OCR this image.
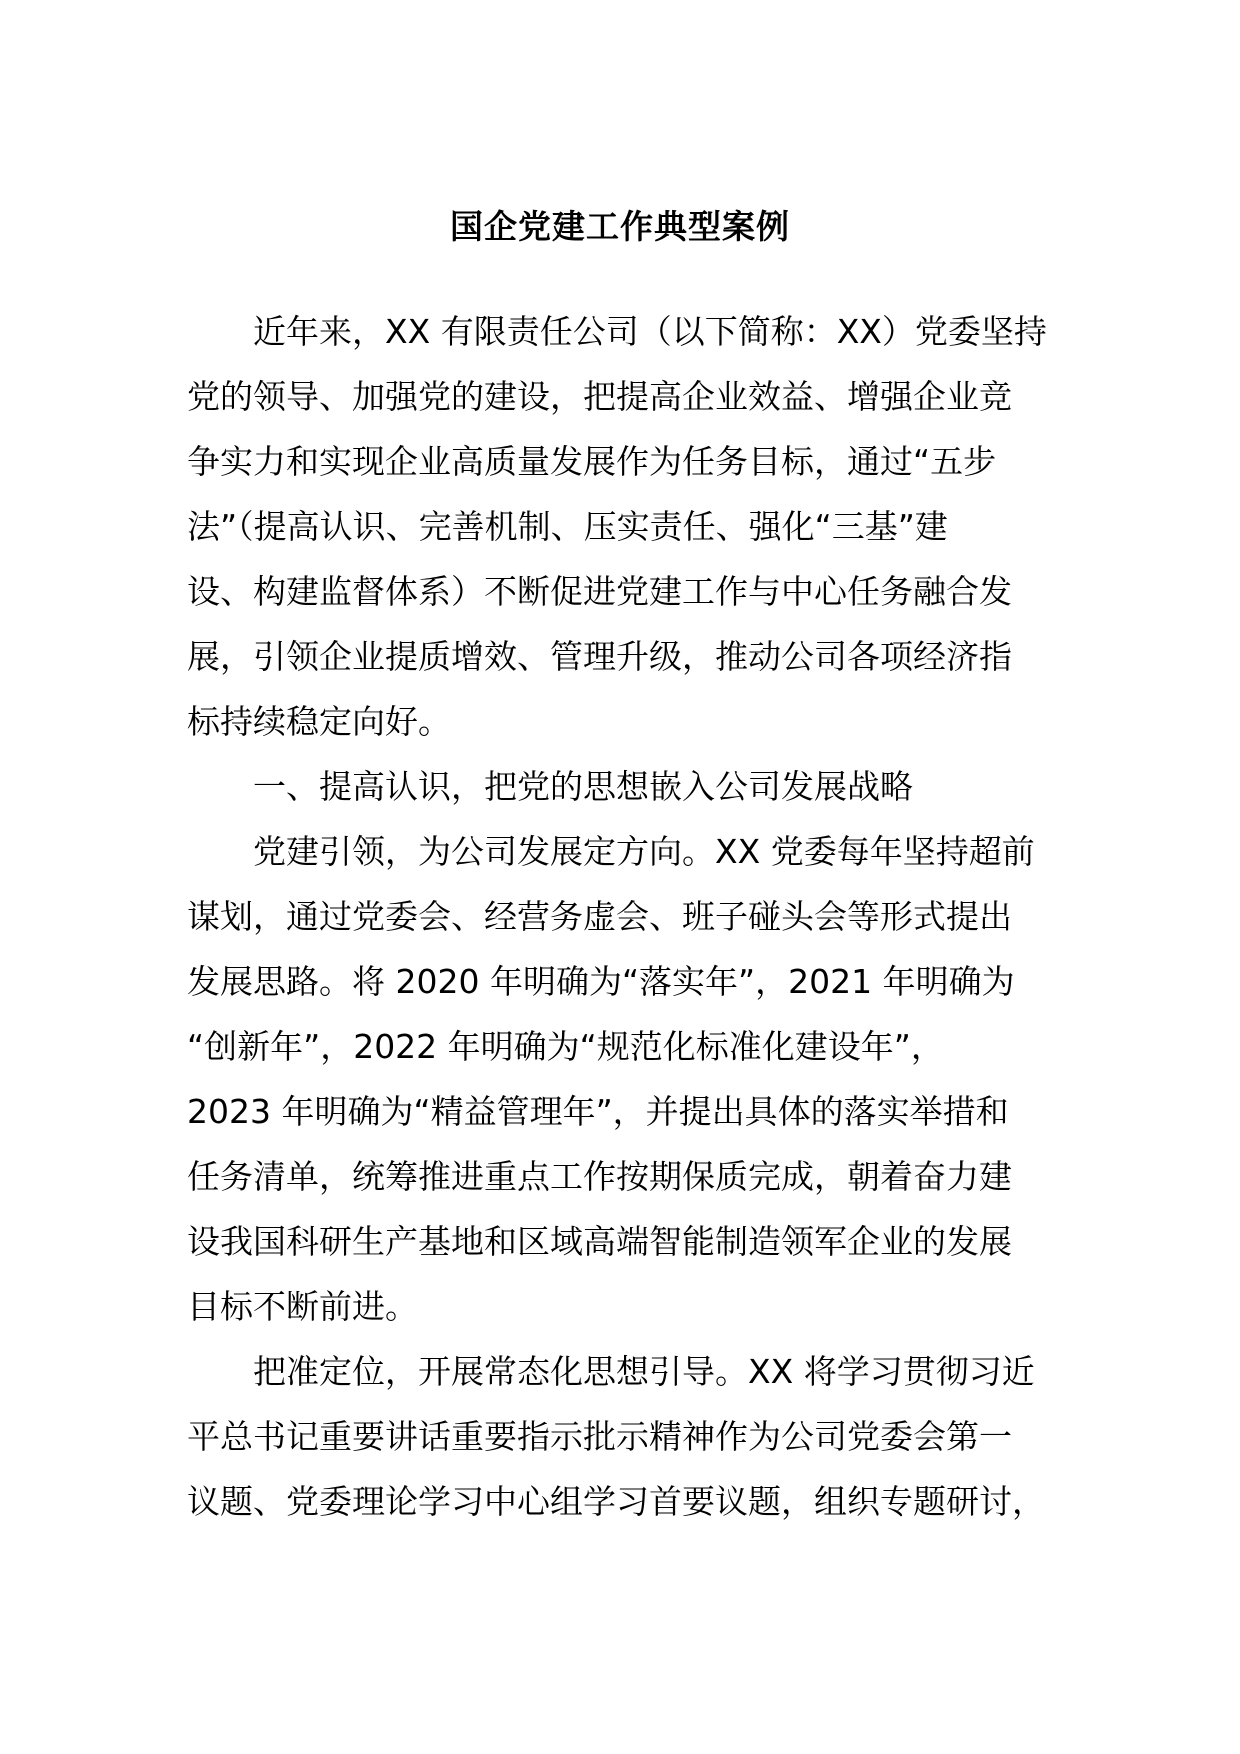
国企党建工作典型案例
近年来，XX 有限责任公司（以下简称：XX）党委坚持
党的领导、加强党的建设，把提高企业效益、增强企业竞
争实力和实现企业高质量发展作为任务目标，通过“五步
法”（提高认识、完善机制、压实责任、强化“三基”建
设、构建监督体系）不断促进党建工作与中心任务融合发
展，引领企业提质增效、管理升级，推动公司各项经济指
标持续稳定向好。
一、提高认识，把党的思想嵌入公司发展战略
党建引领，为公司发展定方向。XX 党委每年坚持超前
谋划，通过党委会、经营务虚会、班子碰头会等形式提出
发展思路。将 2020 年明确为“落实年”，2021 年明确为
“创新年”，2022 年明确为“规范化标准化建设年”，
2023 年明确为“精益管理年”，并提出具体的落实举措和
任务清单，统筹推进重点工作按期保质完成，朝着奋力建
设我国科研生产基地和区域高端智能制造领军企业的发展
目标不断前进。
把准定位，开展常态化思想引导。XX 将学习贯彻习近
平总书记重要讲话重要指示批示精神作为公司党委会第一
议题、党委理论学习中心组学习首要议题，组织专题研讨，
